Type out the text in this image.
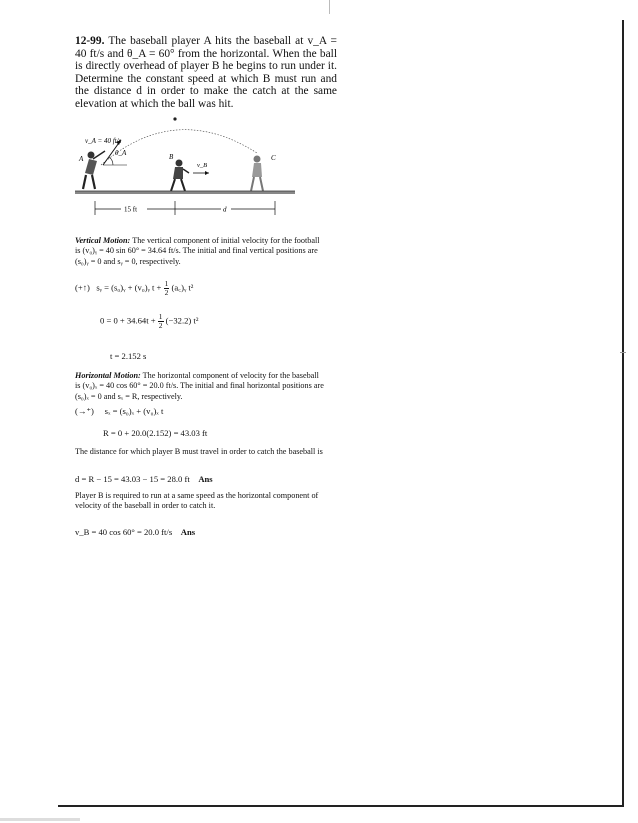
12-99. The baseball player A hits the baseball at v_A = 40 ft/s and θ_A = 60° from the horizontal. When the ball is directly overhead of player B he begins to run under it. Determine the constant speed at which B must run and the distance d in order to make the catch at the same elevation at which the ball was hit.
v_A = 40 ft/s
θ_A
A	B
v_B
C
15 ft	d
Vertical Motion: The vertical component of initial velocity for the football is (v₀)ᵧ = 40 sin 60° = 34.64 ft/s. The initial and final vertical positions are (s₀)ᵧ = 0 and sᵧ = 0, respectively.
(+↑) sᵧ = (s₀)ᵧ + (v₀)ᵧ $t + \frac{1}{2}$ (a꜀)ᵧ t²
$0 = 0 + 34.64t + \frac{1}{2} (-32.2)$ t²
t = 2.152 s
Horizontal Motion: The horizontal component of velocity for the baseball is (v₀)ₓ = 40 cos 60° = 20.0 ft/s. The initial and final horizontal positions are (s₀)ₓ = 0 and sₓ = R, respectively.
(→⁺) sₓ = (s₀)ₓ + (v₀)ₓ t
R = 0 + 20.0(2.152) = 43.03 ft
The distance for which player B must travel in order to catch the baseball is
d = R − 15 = 43.03 − 15 = 28.0 ft Ans
Player B is required to run at a same speed as the horizontal component of velocity of the baseball in order to catch it.
v_B = 40 cos 60° = 20.0 ft/s Ans
